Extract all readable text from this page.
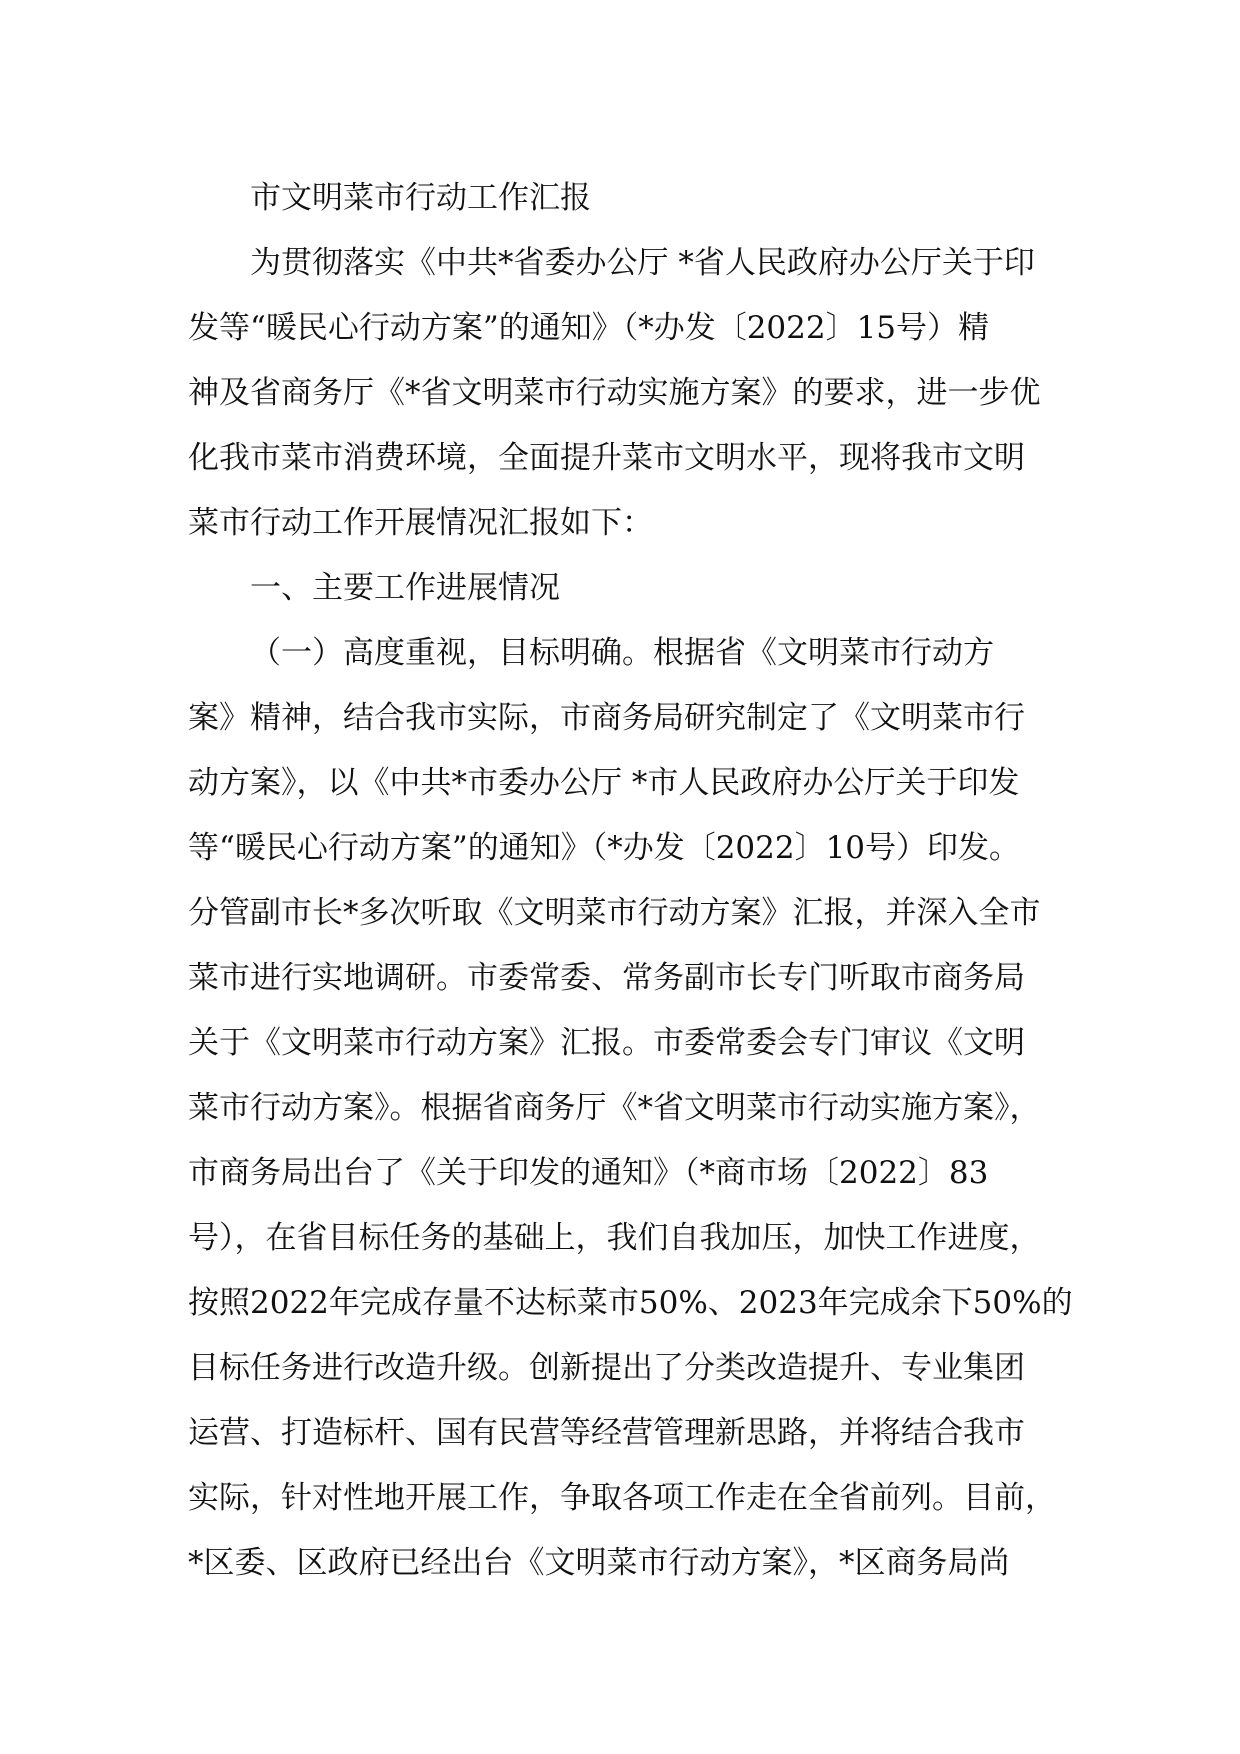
市文明菜市行动工作汇报
为贯彻落实《中共*省委办公厅 *省人民政府办公厅关于印
发等“暖民心行动方案”的通知》（*办发〔2022〕15号）精
神及省商务厅《*省文明菜市行动实施方案》的要求，进一步优
化我市菜市消费环境，全面提升菜市文明水平，现将我市文明
菜市行动工作开展情况汇报如下：
一、主要工作进展情况
（一）高度重视，目标明确。根据省《文明菜市行动方
案》精神，结合我市实际，市商务局研究制定了《文明菜市行
动方案》，以《中共*市委办公厅 *市人民政府办公厅关于印发
等“暖民心行动方案”的通知》（*办发〔2022〕10号）印发。
分管副市长*多次听取《文明菜市行动方案》汇报，并深入全市
菜市进行实地调研。市委常委、常务副市长专门听取市商务局
关于《文明菜市行动方案》汇报。市委常委会专门审议《文明
菜市行动方案》。根据省商务厅《*省文明菜市行动实施方案》，
市商务局出台了《关于印发的通知》（*商市场〔2022〕83
号），在省目标任务的基础上，我们自我加压，加快工作进度，
按照2022年完成存量不达标菜市50%、2023年完成余下50%的
目标任务进行改造升级。创新提出了分类改造提升、专业集团
运营、打造标杆、国有民营等经营管理新思路，并将结合我市
实际，针对性地开展工作，争取各项工作走在全省前列。目前，
*区委、区政府已经出台《文明菜市行动方案》，*区商务局尚
